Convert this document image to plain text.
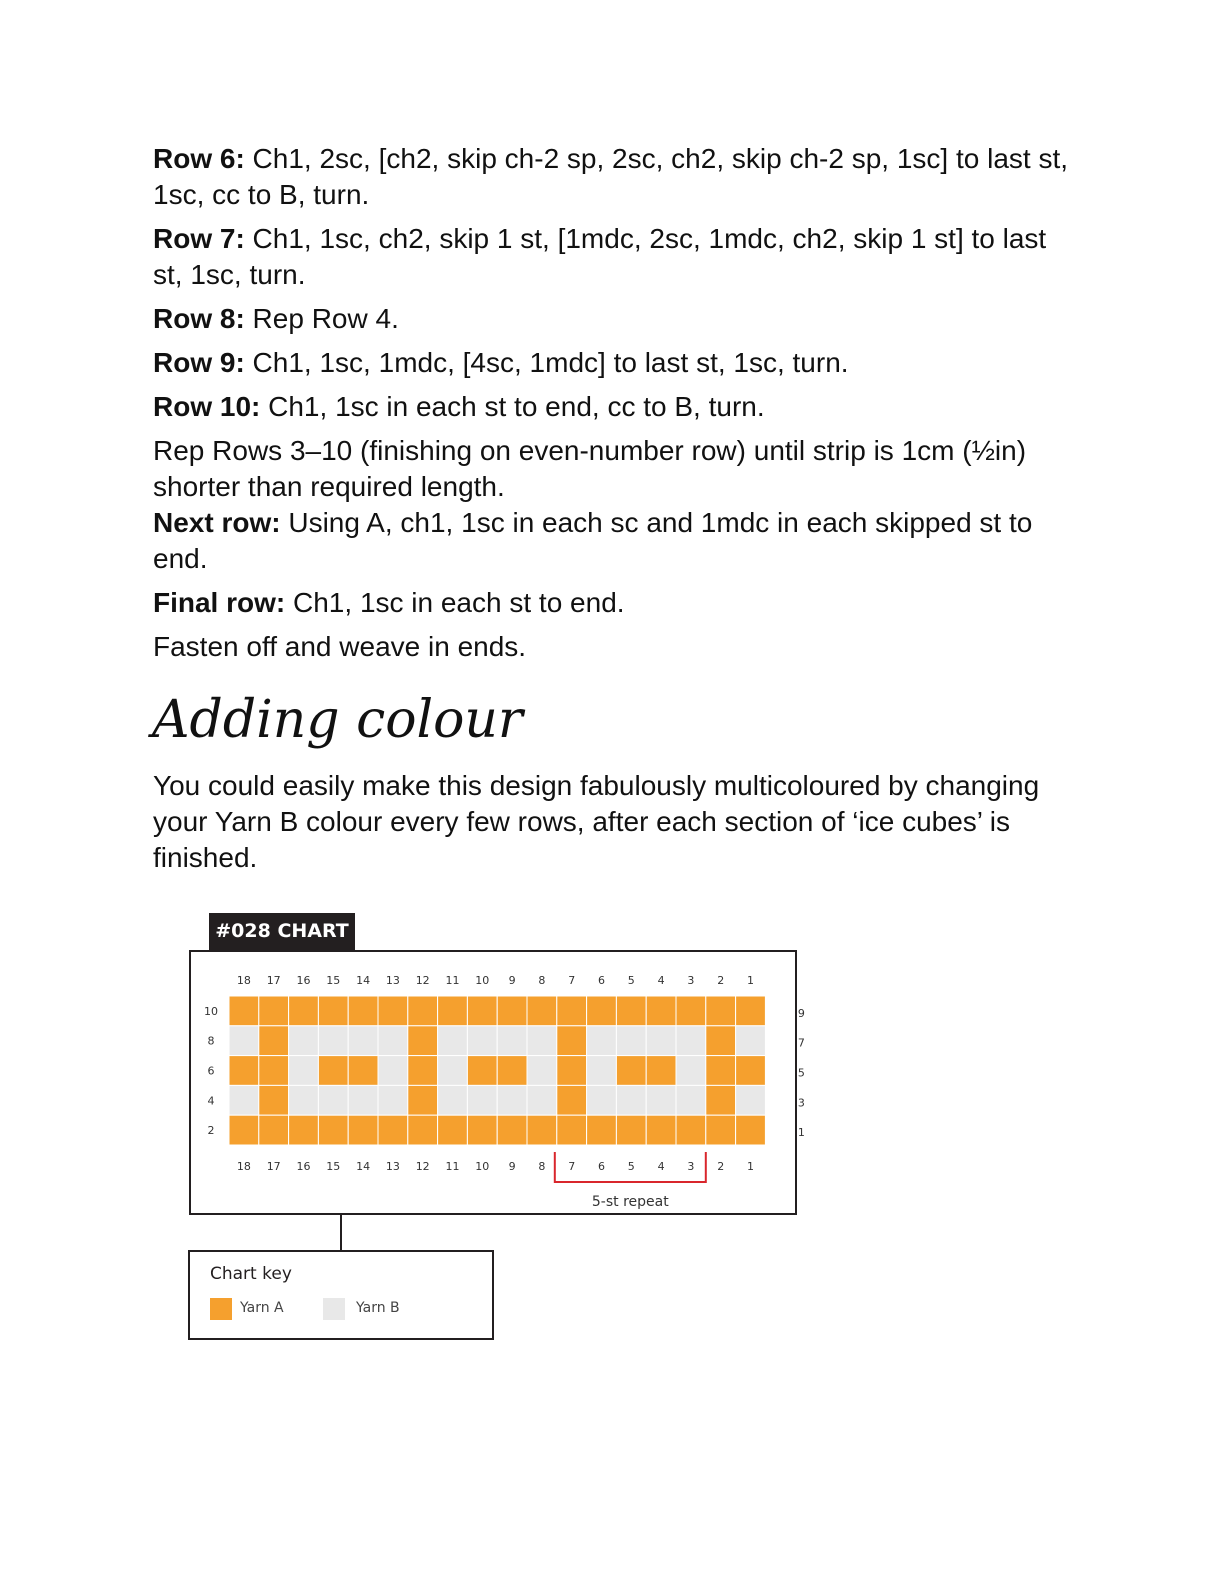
Row 6: Ch1, 2sc, [ch2, skip ch-2 sp, 2sc, ch2, skip ch-2 sp, 1sc] to last st, 1sc, cc to B, turn.

Row 7: Ch1, 1sc, ch2, skip 1 st, [1mdc, 2sc, 1mdc, ch2, skip 1 st] to last st, 1sc, turn.

Row 8: Rep Row 4.

Row 9: Ch1, 1sc, 1mdc, [4sc, 1mdc] to last st, 1sc, turn.

Row 10: Ch1, 1sc in each st to end, cc to B, turn.

Rep Rows 3–10 (finishing on even-number row) until strip is 1cm (½in) shorter than required length.

Next row: Using A, ch1, 1sc in each sc and 1mdc in each skipped st to end.

Final row: Ch1, 1sc in each st to end.

Fasten off and weave in ends.

Adding colour

You could easily make this design fabulously multicoloured by changing your Yarn B colour every few rows, after each section of ‘ice cubes’ is finished.

#028 CHART
18
18
17
17
16
16
15
15
14
14
13
13
12
12
11
11
10
10
9
9
8
8
7
7
6
6
5
5
4
4
3
3
2
2
1
1
10
8
6
4
2
9
7
5
3
1
5-st repeat
Chart key
Yarn A	Yarn B
